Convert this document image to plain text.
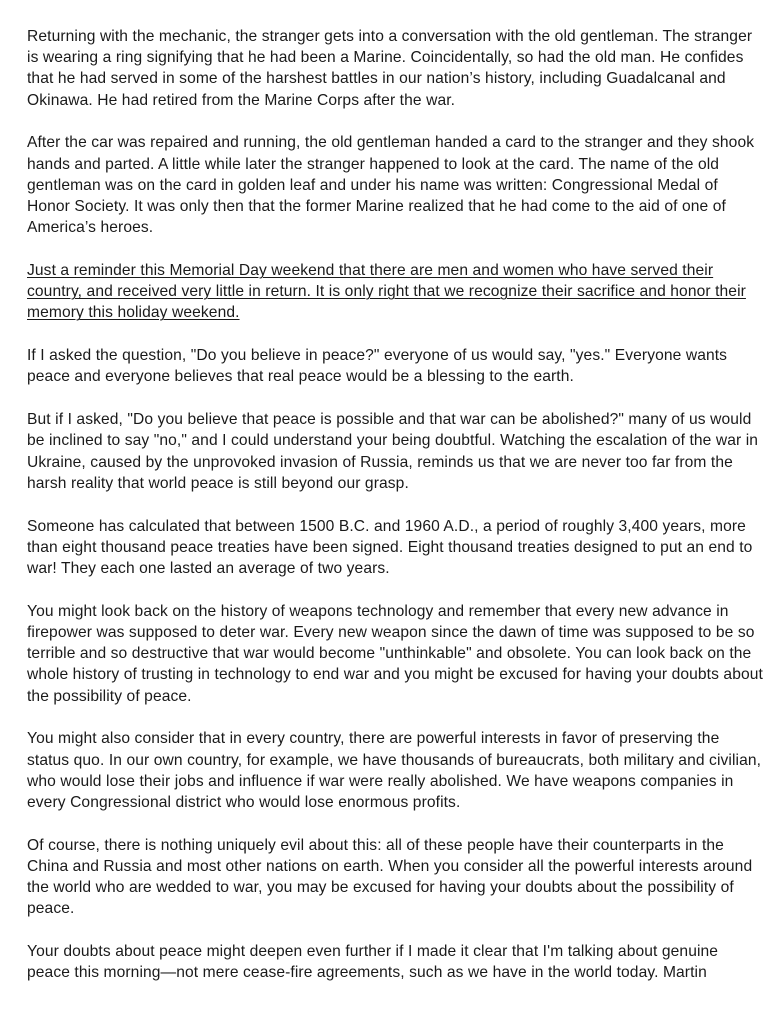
Returning with the mechanic, the stranger gets into a conversation with the old gentleman. The stranger is wearing a ring signifying that he had been a Marine. Coincidentally, so had the old man. He confides that he had served in some of the harshest battles in our nation’s history, including Guadalcanal and Okinawa. He had retired from the Marine Corps after the war.

After the car was repaired and running, the old gentleman handed a card to the stranger and they shook hands and parted. A little while later the stranger happened to look at the card. The name of the old gentleman was on the card in golden leaf and under his name was written: Congressional Medal of Honor Society. It was only then that the former Marine realized that he had come to the aid of one of America’s heroes.

Just a reminder this Memorial Day weekend that there are men and women who have served their country, and received very little in return. It is only right that we recognize their sacrifice and honor their memory this holiday weekend.

If I asked the question, "Do you believe in peace?" everyone of us would say, "yes." Everyone wants peace and everyone believes that real peace would be a blessing to the earth.

But if I asked, "Do you believe that peace is possible and that war can be abolished?" many of us would be inclined to say "no," and I could understand your being doubtful. Watching the escalation of the war in Ukraine, caused by the unprovoked invasion of Russia, reminds us that we are never too far from the harsh reality that world peace is still beyond our grasp.

Someone has calculated that between 1500 B.C. and 1960 A.D., a period of roughly 3,400 years, more than eight thousand peace treaties have been signed. Eight thousand treaties designed to put an end to war! They each one lasted an average of two years.

You might look back on the history of weapons technology and remember that every new advance in firepower was supposed to deter war. Every new weapon since the dawn of time was supposed to be so terrible and so destructive that war would become "unthinkable" and obsolete. You can look back on the whole history of trusting in technology to end war and you might be excused for having your doubts about the possibility of peace.

You might also consider that in every country, there are powerful interests in favor of preserving the status quo. In our own country, for example, we have thousands of bureaucrats, both military and civilian, who would lose their jobs and influence if war were really abolished. We have weapons companies in every Congressional district who would lose enormous profits.

Of course, there is nothing uniquely evil about this: all of these people have their counterparts in the China and Russia and most other nations on earth. When you consider all the powerful interests around the world who are wedded to war, you may be excused for having your doubts about the possibility of peace.

Your doubts about peace might deepen even further if I made it clear that I'm talking about genuine peace this morning—not mere cease-fire agreements, such as we have in the world today. Martin
